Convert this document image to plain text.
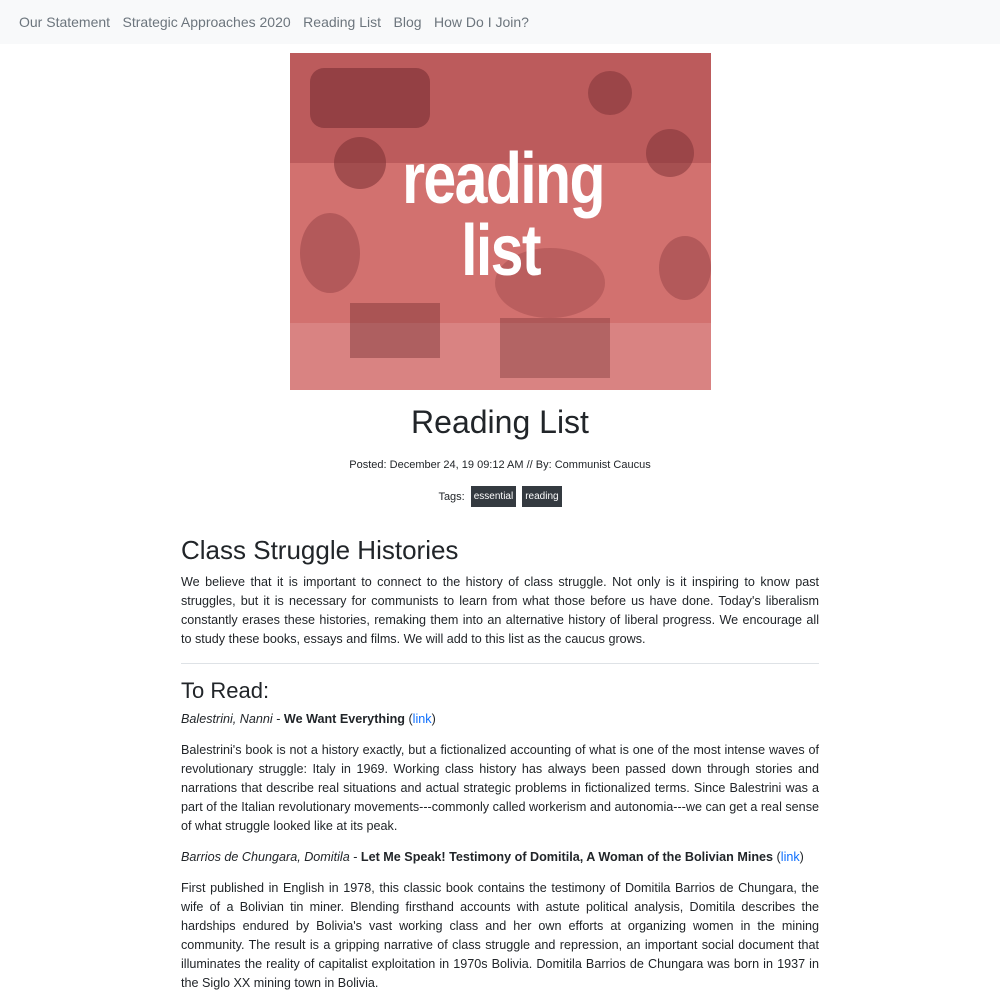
Our Statement Strategic Approaches 2020 Reading List Blog How Do I Join?
reading list
Reading List
Posted: December 24, 19 09:12 AM // By: Communist Caucus
Tags: essential	reading
Class Struggle Histories

We believe that it is important to connect to the history of class struggle. Not only is it inspiring to know past struggles, but it is necessary for communists to learn from what those before us have done. Today's liberalism constantly erases these histories, remaking them into an alternative history of liberal progress. We encourage all to study these books, essays and films. We will add to this list as the caucus grows.

To Read:
Balestrini, Nanni - We Want Everything (link)

Balestrini's book is not a history exactly, but a fictionalized accounting of what is one of the most intense waves of revolutionary struggle: Italy in 1969. Working class history has always been passed down through stories and narrations that describe real situations and actual strategic problems in fictionalized terms. Since Balestrini was a part of the Italian revolutionary movements---commonly called workerism and autonomia---we can get a real sense of what struggle looked like at its peak.

Barrios de Chungara, Domitila - Let Me Speak! Testimony of Domitila, A Woman of the Bolivian Mines (link)

First published in English in 1978, this classic book contains the testimony of Domitila Barrios de Chungara, the wife of a Bolivian tin miner. Blending firsthand accounts with astute political analysis, Domitila describes the hardships endured by Bolivia's vast working class and her own efforts at organizing women in the mining community. The result is a gripping narrative of class struggle and repression, an important social document that illuminates the reality of capitalist exploitation in 1970s Bolivia. Domitila Barrios de Chungara was born in 1937 in the Siglo XX mining town in Bolivia.
